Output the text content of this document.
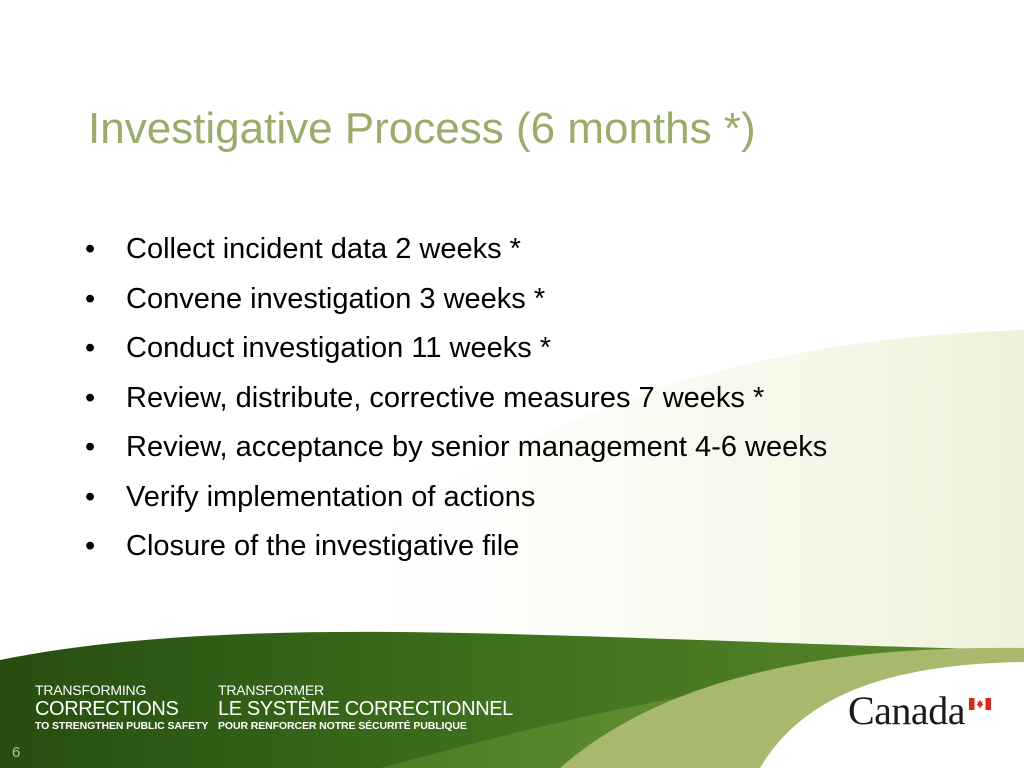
Investigative Process (6 months *)
• Collect incident data 2 weeks *
• Convene investigation 3 weeks *
• Conduct investigation 11 weeks *
• Review, distribute, corrective measures 7 weeks *
• Review, acceptance by senior management 4-6 weeks
• Verify implementation of actions
• Closure of the investigative file
TRANSFORMING
CORRECTIONS
TO STRENGTHEN PUBLIC SAFETY
TRANSFORMER
LE SYSTÈME CORRECTIONNEL
POUR RENFORCER NOTRE SÉCURITÉ PUBLIQUE	Canada
6
